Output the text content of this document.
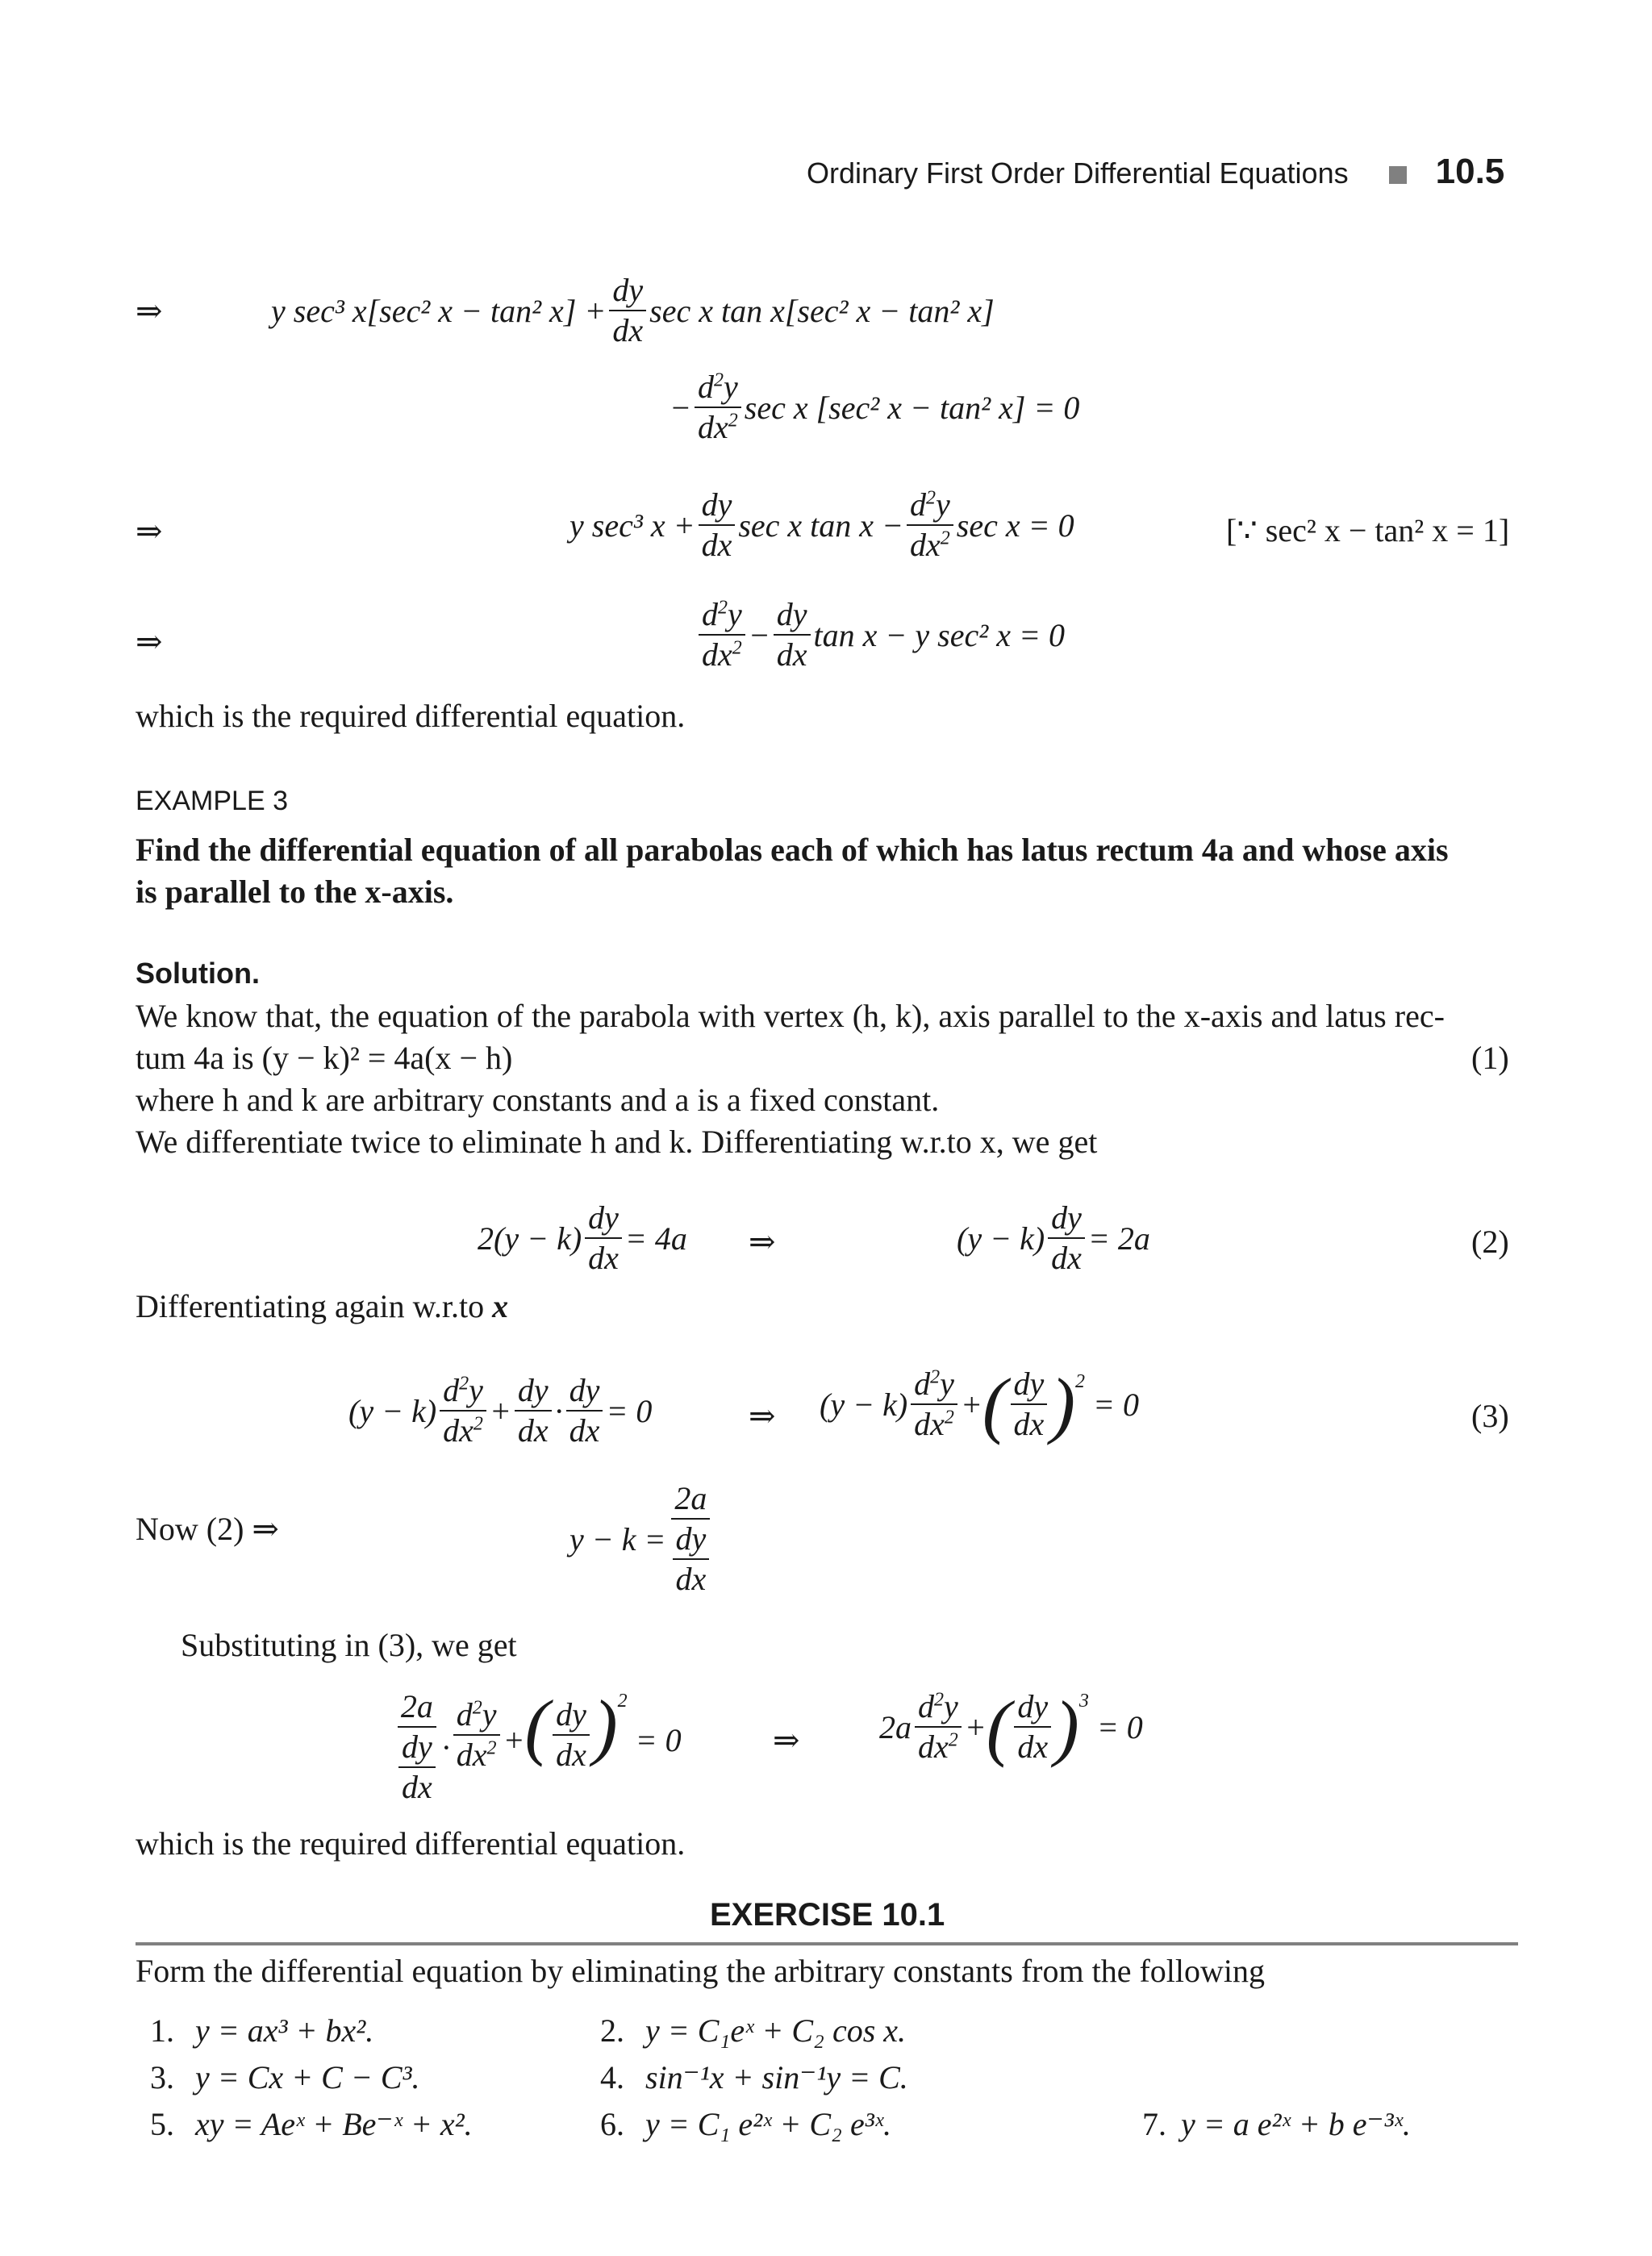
Ordinary First Order Differential Equations 10.5
⇒	y sec³ x[sec² x − tan² $x] + \frac{dy}{dx}$ sec x tan x[sec² x − tan² x]
− $\frac{d^2y}{dx^2}$ sec x [sec² x − tan² x] = 0
⇒	y sec³ $x + \frac{dy}{dx}$ sec x $\tan x - \frac{d^2y}{dx^2}$ sec x = 0	[∵ sec² x − tan² x = 1]
⇒	$\frac{d^2y}{dx^2} - \frac{dy}{dx}$ tan x − y sec² x = 0
which is the required differential equation.
EXAMPLE 3
Find the differential equation of all parabolas each of which has latus rectum 4a and whose axis
is parallel to the x-axis.
Solution.
We know that, the equation of the parabola with vertex (h, k), axis parallel to the x-axis and latus rec-
tum 4a is (y − k)² = 4a(x − h)	(1)
where h and k are arbitrary constants and a is a fixed constant.
We differentiate twice to eliminate h and k. Differentiating w.r.to x, we get
$2(y - k) \frac{dy}{dx} = 4a$ ⇒	$(y - k) \frac{dy}{dx} = 2a$	(2)
Differentiating again w.r.to x
$(y - k) \frac{d^2y}{dx^2} + \frac{dy}{dx} \cdot \frac{dy}{dx} = 0$	⇒ $(y - k) \frac{d^2y}{dx^2}$ + ( $\frac{dy}{dx} )^2$
= 0	(3)
Now (2) ⇒	$y - k = \frac{2a}{\frac{dy}{dx}}$
Substituting in (3), we get
$\frac{2a}{\frac{dy}{dx}} \cdot \frac{d^2y}{dx^2}$ + ( $\frac{dy}{dx} )^2$
= 0	⇒ $2a \frac{d^2y}{dx^2}$ + ( $\frac{dy}{dx} )^3$
= 0
which is the required differential equation.
EXERCISE 10.1
Form the differential equation by eliminating the arbitrary constants from the following
1. y = ax³ + bx².	2. y = C₁eˣ + C₂ cos x.
3. y = Cx + C − C³.	4. sin⁻¹x + sin⁻¹y = C.
5. xy = Aeˣ + Be⁻ˣ + x².	6. y = C₁ e²ˣ + C₂ e³ˣ.	7. y = a e²ˣ + b e⁻³ˣ.
